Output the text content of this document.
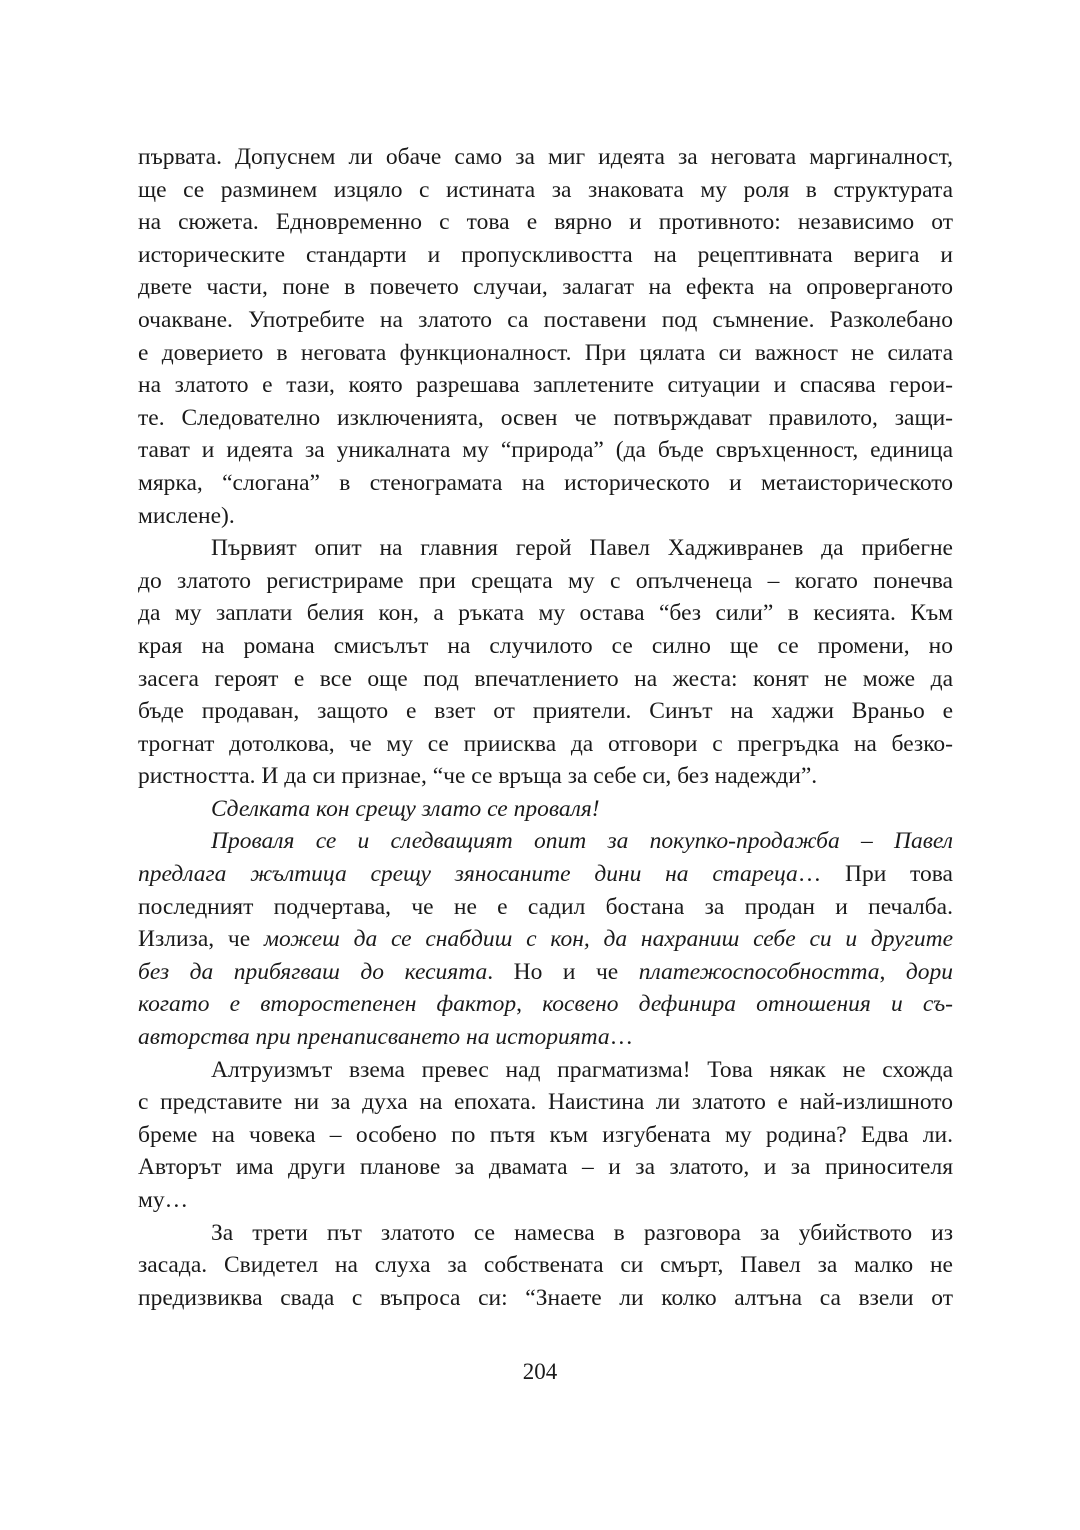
първата. Допуснем ли обаче само за миг идеята за неговата маргиналност,
ще се разминем изцяло с истината за знаковата му роля в структурата
на сюжета. Едновременно с това е вярно и противното: независимо от
историческите стандарти и пропускливостта на рецептивната верига и
двете части, поне в повечето случаи, залагат на ефекта на опроверганото
очакване. Употребите на златото са поставени под съмнение. Разколебано
е доверието в неговата функционалност. При цялата си важност не силата
на златото е тази, която разрешава заплетените ситуации и спасява герои-
те. Следователно изключенията, освен че потвърждават правилото, защи-
тават и идеята за уникалната му “природа” (да бъде свръхценност, единица
мярка, “слогана” в стенограмата на историческото и метаисторическото
мислене).
Първият опит на главния герой Павел Хадживранев да прибегне
до златото регистрираме при срещата му с опълченеца – когато понечва
да му заплати белия кон, а ръката му остава “без сили” в кесията. Към
края на романа смисълът на случилото се силно ще се промени, но
засега героят е все още под впечатлението на жеста: конят не може да
бъде продаван, защото е взет от приятели. Синът на хаджи Враньо е
трогнат дотолкова, че му се приисква да отговори с прегръдка на безко-
ристността. И да си признае, “че се връща за себе си, без надежди”.
Сделката кон срещу злато се проваля!
Проваля се и следващият опит за покупко-продажба – Павел
предлага жълтица срещу зяносаните дини на стареца… При това
последният подчертава, че не е садил бостана за продан и печалба.
Излиза, че можеш да се снабдиш с кон, да нахраниш себе си и другите
без да прибягваш до кесията. Но и че платежоспособността, дори
когато е второстепенен фактор, косвено дефинира отношения и съ-
авторства при пренаписването на историята…
Алтруизмът взема превес над прагматизма! Това някак не схожда
с представите ни за духа на епохата. Наистина ли златото е най-излишното
бреме на човека – особено по пътя към изгубената му родина? Едва ли.
Авторът има други планове за двамата – и за златото, и за приносителя
му…
За трети път златото се намесва в разговора за убийството из
засада. Свидетел на слуха за собствената си смърт, Павел за малко не
предизвиква свада с въпроса си: “Знаете ли колко алтъна са взели от
204
